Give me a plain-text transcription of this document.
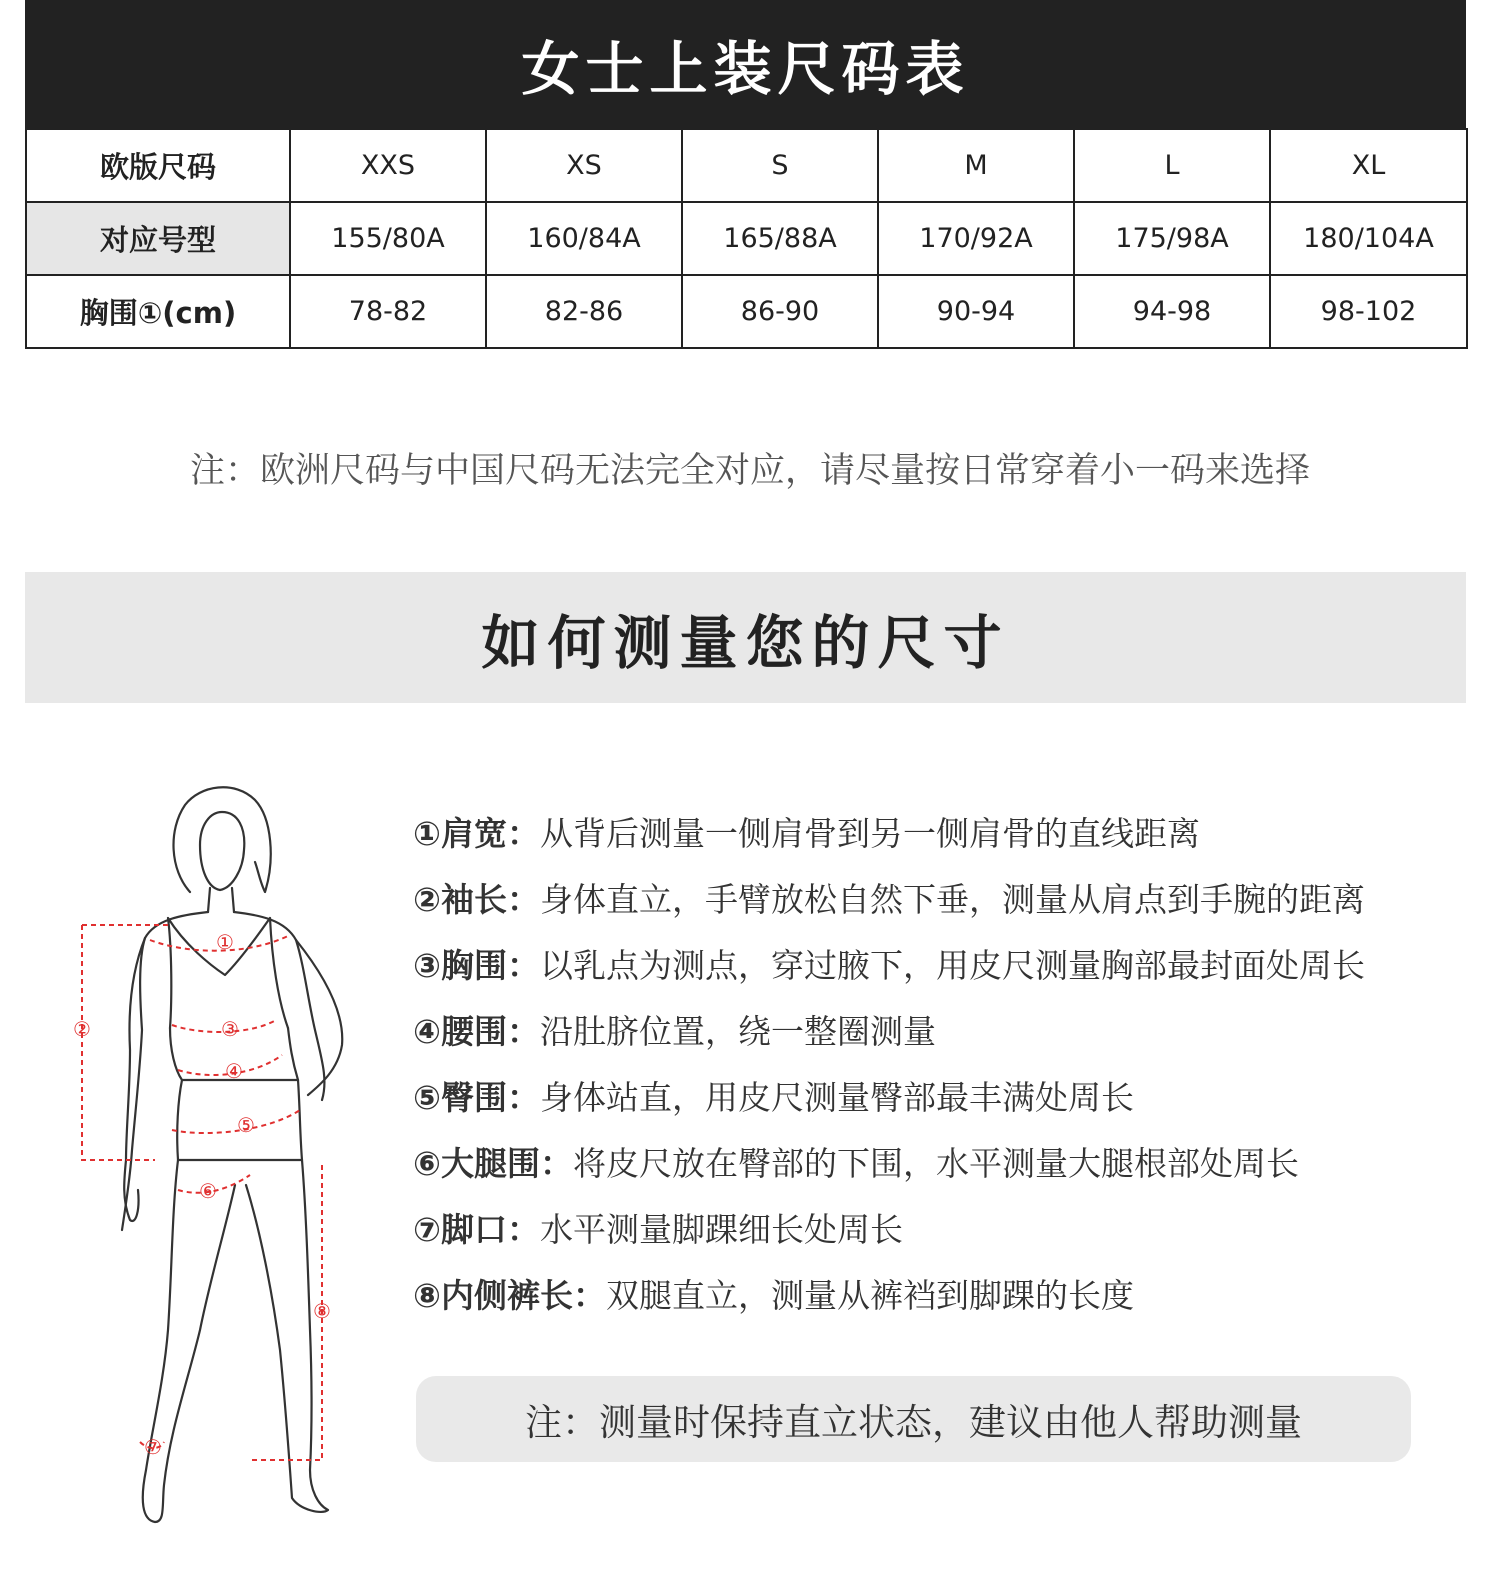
女士上装尺码表
欧版尺码	XXS	XS	S	M	L	XL
对应号型	155/80A	160/84A	165/88A	170/92A	175/98A	180/104A
胸围①(cm)	78-82	82-86	86-90	90-94	94-98	98-102
注：欧洲尺码与中国尺码无法完全对应，请尽量按日常穿着小一码来选择
如何测量您的尺寸
①
②	③
④
⑤
⑥
⑦
⑧
①肩宽： 从背后测量一侧肩骨到另一侧肩骨的直线距离
②袖长： 身体直立，手臂放松自然下垂，测量从肩点到手腕的距离
③胸围： 以乳点为测点，穿过腋下，用皮尺测量胸部最封面处周长
④腰围： 沿肚脐位置，绕一整圈测量
⑤臀围： 身体站直，用皮尺测量臀部最丰满处周长
⑥大腿围： 将皮尺放在臀部的下围，水平测量大腿根部处周长
⑦脚口： 水平测量脚踝细长处周长
⑧内侧裤长： 双腿直立，测量从裤裆到脚踝的长度
注：测量时保持直立状态，建议由他人帮助测量
